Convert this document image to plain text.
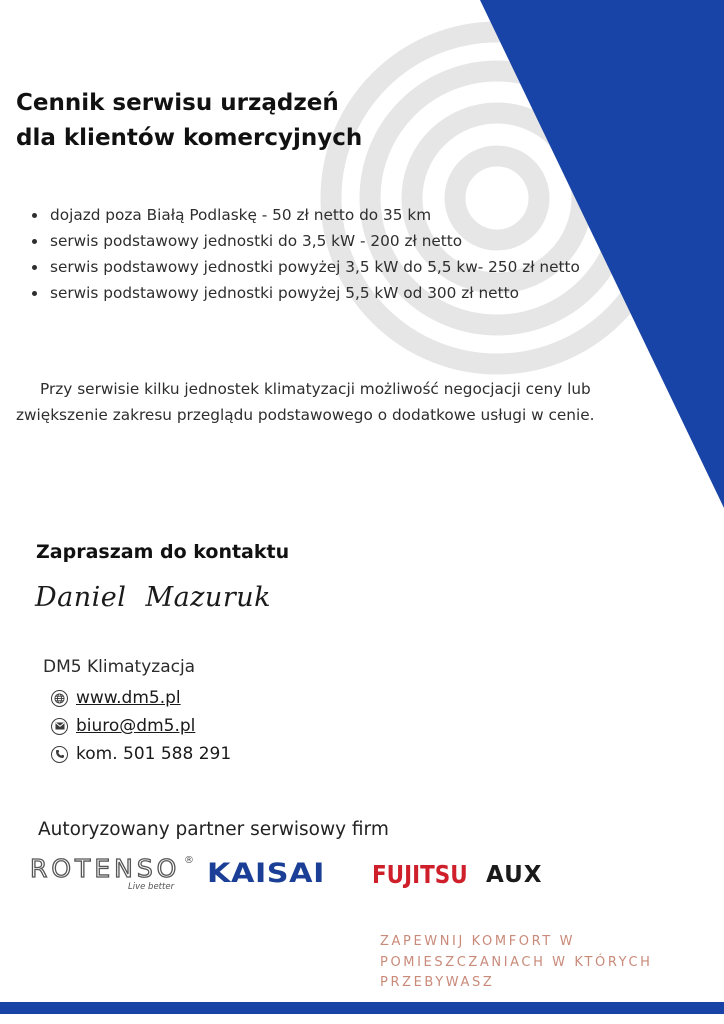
Cennik serwisu urządzeń
dla klientów komercyjnych
• dojazd poza Białą Podlaskę - 50 zł netto do 35 km
• serwis podstawowy jednostki do 3,5 kW - 200 zł netto
• serwis podstawowy jednostki powyżej 3,5 kW do 5,5 kw- 250 zł netto
• serwis podstawowy jednostki powyżej 5,5 kW od 300 zł netto

Przy serwisie kilku jednostek klimatyzacji możliwość negocjacji ceny lub zwiększenie zakresu przeglądu podstawowego o dodatkowe usługi w cenie.

Zapraszam do kontaktu
Daniel Mazuruk
DM5 Klimatyzacja
www.dm5.pl
biuro@dm5.pl
kom. 501 588 291
Autoryzowany partner serwisowy firm
ROTENSO ®
Live better KAISAI FUJITSU AUX

ZAPEWNIJ KOMFORT W POMIESZCZANIACH W KTÓRYCH PRZEBYWASZ
